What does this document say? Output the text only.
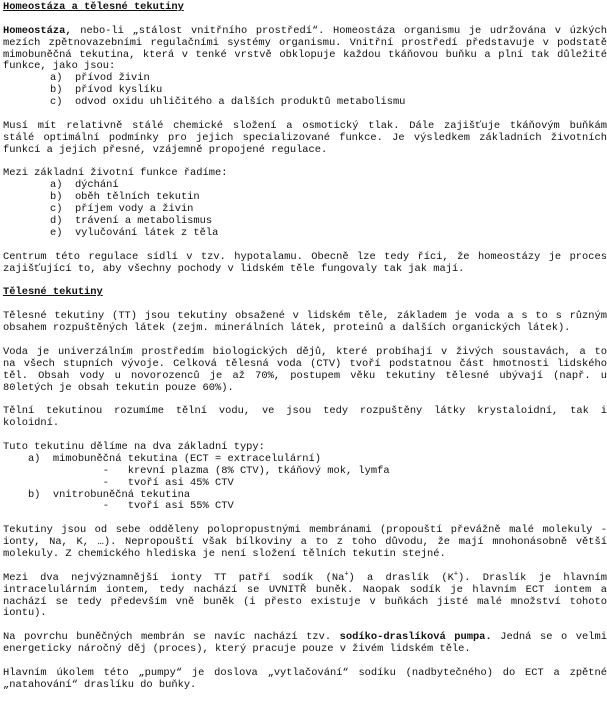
Homeostáza a tělesné tekutiny
Homeostáza, nebo-li „stálost vnitřního prostředí“. Homeostáza organismu je udržována v úzkých
mezích zpětnovazebními regulačními systémy organismu. Vnitřní prostředí představuje v podstatě
mimobuněčná tekutina, která v tenké vrstvě obklopuje každou tkáňovou buňku a plní tak důležité
funkce, jako jsou:
a)  přívod živin
b)  přívod kyslíku
c)  odvod oxidu uhličitého a dalších produktů metabolismu
Musí mít relativně stálé chemické složení a osmotický tlak. Dále zajišťuje tkáňovým buňkám
stálé optimální podmínky pro jejich specializované funkce. Je výsledkem základních životních
funkcí a jejich přesné, vzájemně propojené regulace.
Mezi základní životní funkce řadíme:
a)  dýchání
b)  oběh tělních tekutin
c)  příjem vody a živin
d)  trávení a metabolismus
e)  vylučování látek z těla
Centrum této regulace sídlí v tzv. hypotalamu. Obecně lze tedy říci, že homeostázy je proces
zajišťující to, aby všechny pochody v lidském těle fungovaly tak jak mají.
Tělesné tekutiny
Tělesné tekutiny (TT) jsou tekutiny obsažené v lidském těle, základem je voda a s to s různým
obsahem rozpuštěných látek (zejm. minerálních látek, proteinů a dalších organických látek).
Voda je univerzálním prostředím biologických dějů, které probíhají v živých soustavách, a to
na všech stupních vývoje. Celková tělesná voda (CTV) tvoří podstatnou část hmotnosti lidského
těl. Obsah vody u novorozenců je až 70%, postupem věku tekutiny tělesné ubývají (např. u
80letých je obsah tekutin pouze 60%).
Tělní tekutinou rozumíme tělní vodu, ve jsou tedy rozpuštěny látky krystaloidní, tak i
koloidní.
Tuto tekutinu dělíme na dva základní typy:
a)  mimobuněčná tekutina (ECT = extracelulární)
-   krevní plazma (8% CTV), tkáňový mok, lymfa
-   tvoří asi 45% CTV
b)  vnitrobuněčná tekutina
-   tvoří asi 55% CTV
Tekutiny jsou od sebe odděleny polopropustnými membránami (propouští převážně malé molekuly -
ionty, Na, K, …). Nepropouští však bílkoviny a to z toho důvodu, že mají mnohonásobně větší
molekuly. Z chemického hlediska je není složení tělních tekutin stejné.
Mezi dva nejvýznamnější ionty TT patří sodík (Na+) a draslík (K+). Draslík je hlavním
intracelulárním iontem, tedy nachází se UVNITŘ buněk. Naopak sodík je hlavním ECT iontem a
nachází se tedy především vně buněk (i přesto existuje v buňkách jisté malé množství tohoto
iontu).
Na povrchu buněčných membrán se navíc nachází tzv. sodíko-draslíková pumpa. Jedná se o velmi
energeticky náročný děj (proces), který pracuje pouze v živém lidském těle.
Hlavním úkolem této „pumpy“ je doslova „vytlačování“ sodíku (nadbytečného) do ECT a zpětné
„natahování“ draslíku do buňky.
